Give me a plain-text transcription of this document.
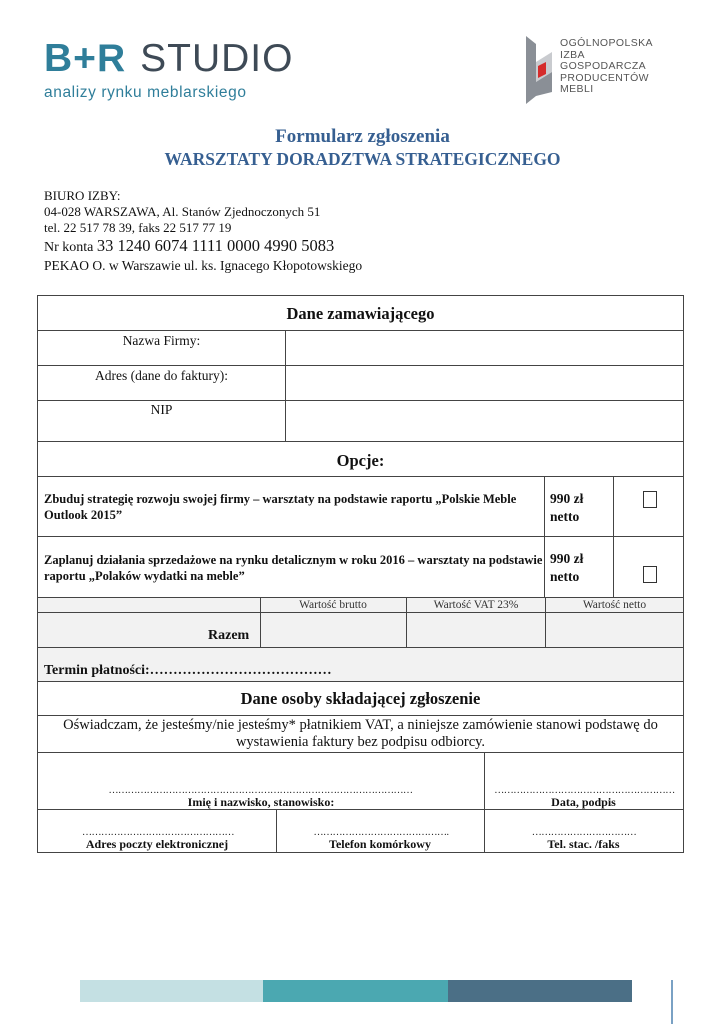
B+R STUDIO
analizy rynku meblarskiego
OGÓLNOPOLSKA
IZBA
GOSPODARCZA
PRODUCENTÓW
MEBLI
Formularz zgłoszenia
WARSZTATY DORADZTWA STRATEGICZNEGO
BIURO IZBY:
04-028 WARSZAWA, Al. Stanów Zjednoczonych 51
tel. 22 517 78 39, faks 22 517 77 19
Nr konta 33 1240 6074 1111 0000 4990 5083
PEKAO O. w Warszawie ul. ks. Ignacego Kłopotowskiego
Dane zamawiającego
Nazwa Firmy:
Adres (dane do faktury):
NIP
Opcje:
Zbuduj strategię rozwoju swojej firmy – warsztaty na podstawie raportu „Polskie Meble Outlook 2015”
990 zł
netto
Zaplanuj działania sprzedażowe na rynku detalicznym w roku 2016 – warsztaty na podstawie raportu „Polaków wydatki na meble”
990 zł
netto
Wartość brutto	Wartość VAT 23%	Wartość netto
Razem
Termin płatności:…………………………………
Dane osoby składającej zgłoszenie
Oświadczam, że jesteśmy/nie jesteśmy* płatnikiem VAT, a niniejsze zamówienie stanowi podstawę do wystawienia faktury bez podpisu odbiorcy.
……………………………………………………………………………………
Imię i nazwisko, stanowisko:
…………………………………………………
Data, podpis
…………………………………………
Adres poczty elektronicznej
…………………………………….
Telefon komórkowy
……………………………
Tel. stac. /faks
